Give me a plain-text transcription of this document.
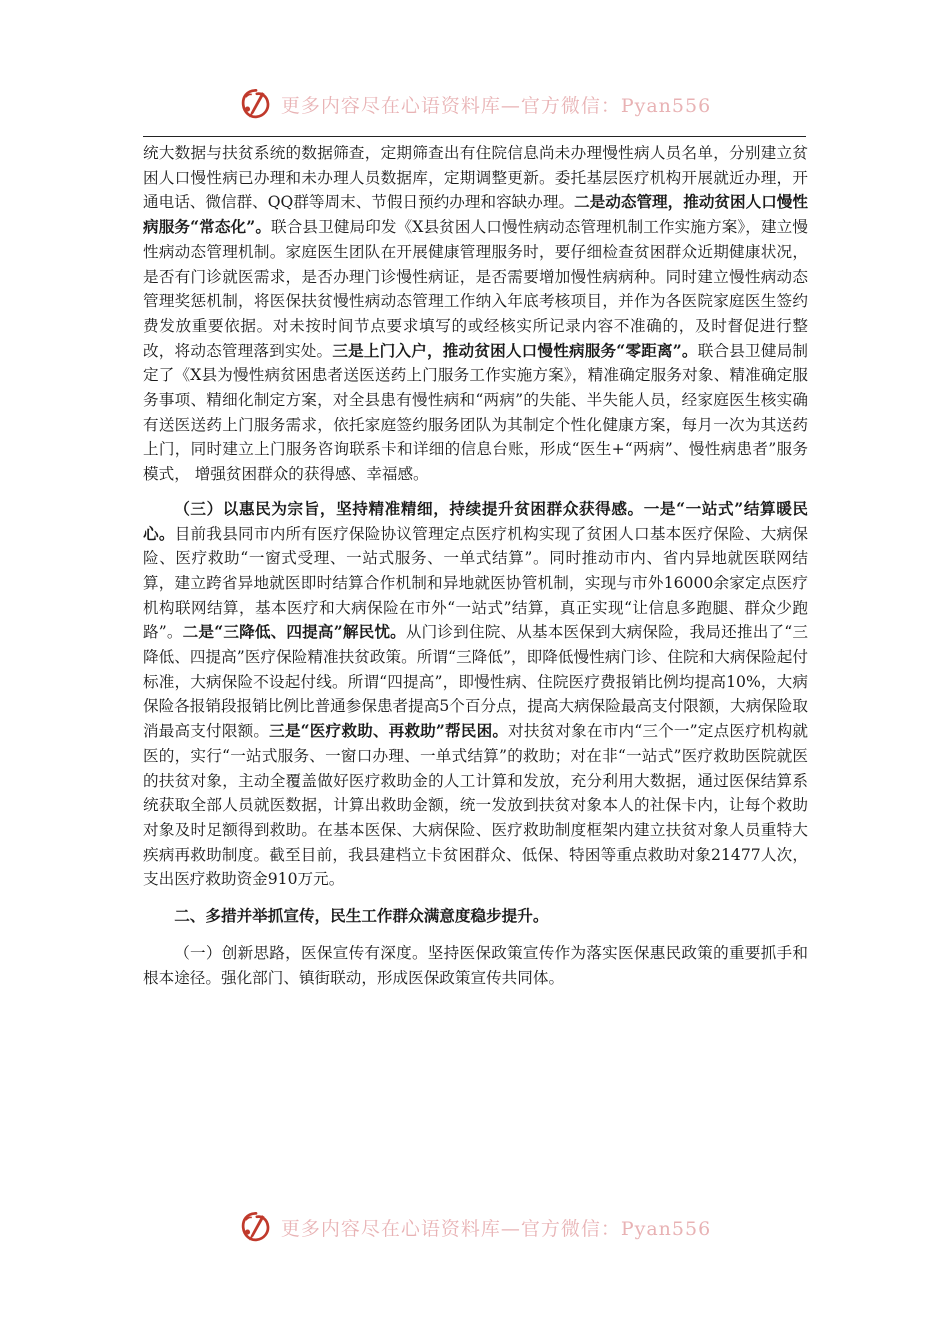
更多内容尽在心语资料库—官方微信：Pyan556

统大数据与扶贫系统的数据筛查，定期筛查出有住院信息尚未办理慢性病人员名单，分别建立贫困人口慢性病已办理和未办理人员数据库，定期调整更新。委托基层医疗机构开展就近办理，开通电话、微信群、QQ群等周末、节假日预约办理和容缺办理。二是动态管理，推动贫困人口慢性病服务“常态化”。联合县卫健局印发《X县贫困人口慢性病动态管理机制工作实施方案》，建立慢性病动态管理机制。家庭医生团队在开展健康管理服务时，要仔细检查贫困群众近期健康状况，是否有门诊就医需求，是否办理门诊慢性病证，是否需要增加慢性病病种。同时建立慢性病动态管理奖惩机制，将医保扶贫慢性病动态管理工作纳入年底考核项目，并作为各医院家庭医生签约费发放重要依据。对未按时间节点要求填写的或经核实所记录内容不准确的，及时督促进行整改，将动态管理落到实处。三是上门入户，推动贫困人口慢性病服务“零距离”。联合县卫健局制定了《X县为慢性病贫困患者送医送药上门服务工作实施方案》，精准确定服务对象、精准确定服务事项、精细化制定方案，对全县患有慢性病和“两病”的失能、半失能人员，经家庭医生核实确有送医送药上门服务需求，依托家庭签约服务团队为其制定个性化健康方案，每月一次为其送药上门，同时建立上门服务咨询联系卡和详细的信息台账，形成“医生+“两病”、慢性病患者”服务模式， 增强贫困群众的获得感、幸福感。

（三）以惠民为宗旨，坚持精准精细，持续提升贫困群众获得感。一是“一站式”结算暖民心。目前我县同市内所有医疗保险协议管理定点医疗机构实现了贫困人口基本医疗保险、大病保险、医疗救助“一窗式受理、一站式服务、一单式结算”。同时推动市内、省内异地就医联网结算，建立跨省异地就医即时结算合作机制和异地就医协管机制，实现与市外16000余家定点医疗机构联网结算，基本医疗和大病保险在市外“一站式”结算，真正实现“让信息多跑腿、群众少跑路”。二是“三降低、四提高”解民忧。从门诊到住院、从基本医保到大病保险，我局还推出了“三降低、四提高”医疗保险精准扶贫政策。所谓“三降低”，即降低慢性病门诊、住院和大病保险起付标准，大病保险不设起付线。所谓“四提高”，即慢性病、住院医疗费报销比例均提高10%，大病保险各报销段报销比例比普通参保患者提高5个百分点，提高大病保险最高支付限额，大病保险取消最高支付限额。三是“医疗救助、再救助”帮民困。对扶贫对象在市内“三个一”定点医疗机构就医的，实行“一站式服务、一窗口办理、一单式结算”的救助；对在非“一站式”医疗救助医院就医的扶贫对象，主动全覆盖做好医疗救助金的人工计算和发放，充分利用大数据，通过医保结算系统获取全部人员就医数据，计算出救助金额，统一发放到扶贫对象本人的社保卡内，让每个救助对象及时足额得到救助。在基本医保、大病保险、医疗救助制度框架内建立扶贫对象人员重特大疾病再救助制度。截至目前，我县建档立卡贫困群众、低保、特困等重点救助对象21477人次，支出医疗救助资金910万元。

二、多措并举抓宣传，民生工作群众满意度稳步提升。

（一）创新思路，医保宣传有深度。坚持医保政策宣传作为落实医保惠民政策的重要抓手和根本途径。强化部门、镇街联动，形成医保政策宣传共同体。

更多内容尽在心语资料库—官方微信：Pyan556
